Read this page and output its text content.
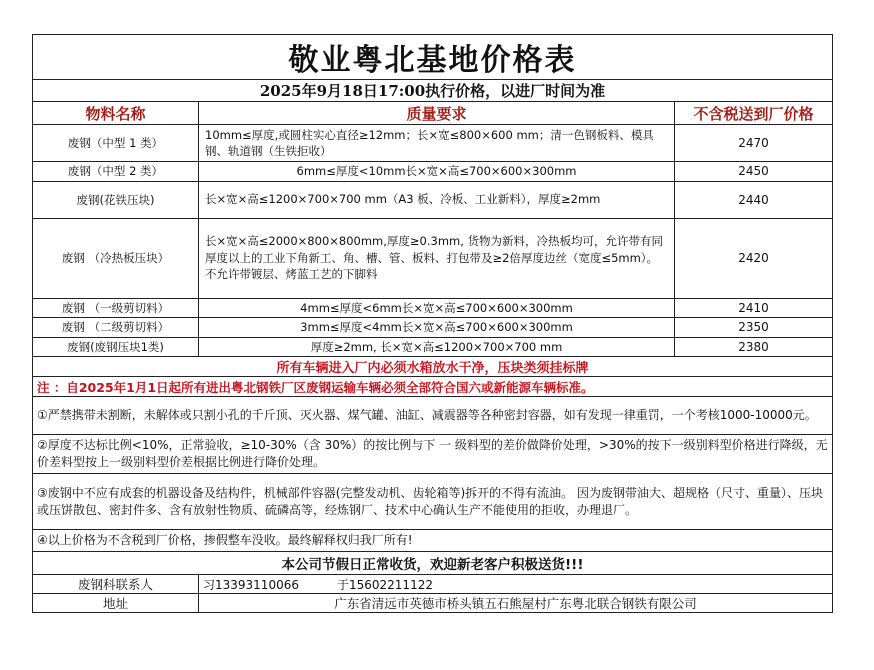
敬业粤北基地价格表		
2025年9月18日17:00执行价格，以进厂时间为准		
物料名称	质量要求	不含税送到厂价格
废钢（中型 1 类）	10mm≤厚度,或圆柱实心直径≥12mm；长×宽≤800×600 mm；清一色钢板料、模具钢、轨道钢（生铁拒收）	2470
废钢（中型 2 类）	6mm≤厚度<10mm长×宽×高≤700×600×300mm	2450
废钢(花铁压块)	长×宽×高≤1200×700×700 mm（A3 板、冷板、工业新料），厚度≥2mm	2440
废钢 （冷热板压块）	长×宽×高≤2000×800×800mm,厚度≥0.3mm, 货物为新料，冷热板均可，允许带有同厚度以上的工业下角新工、角、槽、管、板料、打包带及≥2倍厚度边丝（宽度≤5mm）。不允许带镀层、烤蓝工艺的下脚料	2420
废钢 （一级剪切料）	4mm≤厚度<6mm长×宽×高≤700×600×300mm	2410
废钢 （二级剪切料）	3mm≤厚度<4mm长×宽×高≤700×600×300mm	2350
废钢(废钢压块1类)	厚度≥2mm, 长×宽×高≤1200×700×700 mm	2380
所有车辆进入厂内必须水箱放水干净，压块类须挂标牌		
注 ：自2025年1月1日起所有进出粤北钢铁厂区废钢运输车辆必须全部符合国六或新能源车辆标准。		
①严禁携带未割断，未解体或只割小孔的千斤顶、灭火器、煤气罐、油缸、减震器等各种密封容器，如有发现一律重罚，一个考核1000-10000元。		
②厚度不达标比例<10%，正常验收，≥10-30%（含 30%）的按比例与下 一 级料型的差价做降价处理，>30%的按下一级别料型价格进行降级，无价差料型按上一级别料型价差根据比例进行降价处理。		
③废钢中不应有成套的机器设备及结构件，机械部件容器(完整发动机、齿轮箱等)拆开的不得有流油。 因为废钢带油大、超规格（尺寸、重量）、压块或压饼散包、密封件多、含有放射性物质、硫磷高等，经炼钢厂、技术中心确认生产不能使用的拒收，办理退厂。		
④以上价格为不含税到厂价格，掺假整车没收。最终解释权归我厂所有!		
本公司节假日正常收货，欢迎新老客户积极送货!!!		
废钢科联系人	习13393110066 于15602211122	
地址	广东省清远市英德市桥头镇五石熊屋村广东粤北联合钢铁有限公司	
